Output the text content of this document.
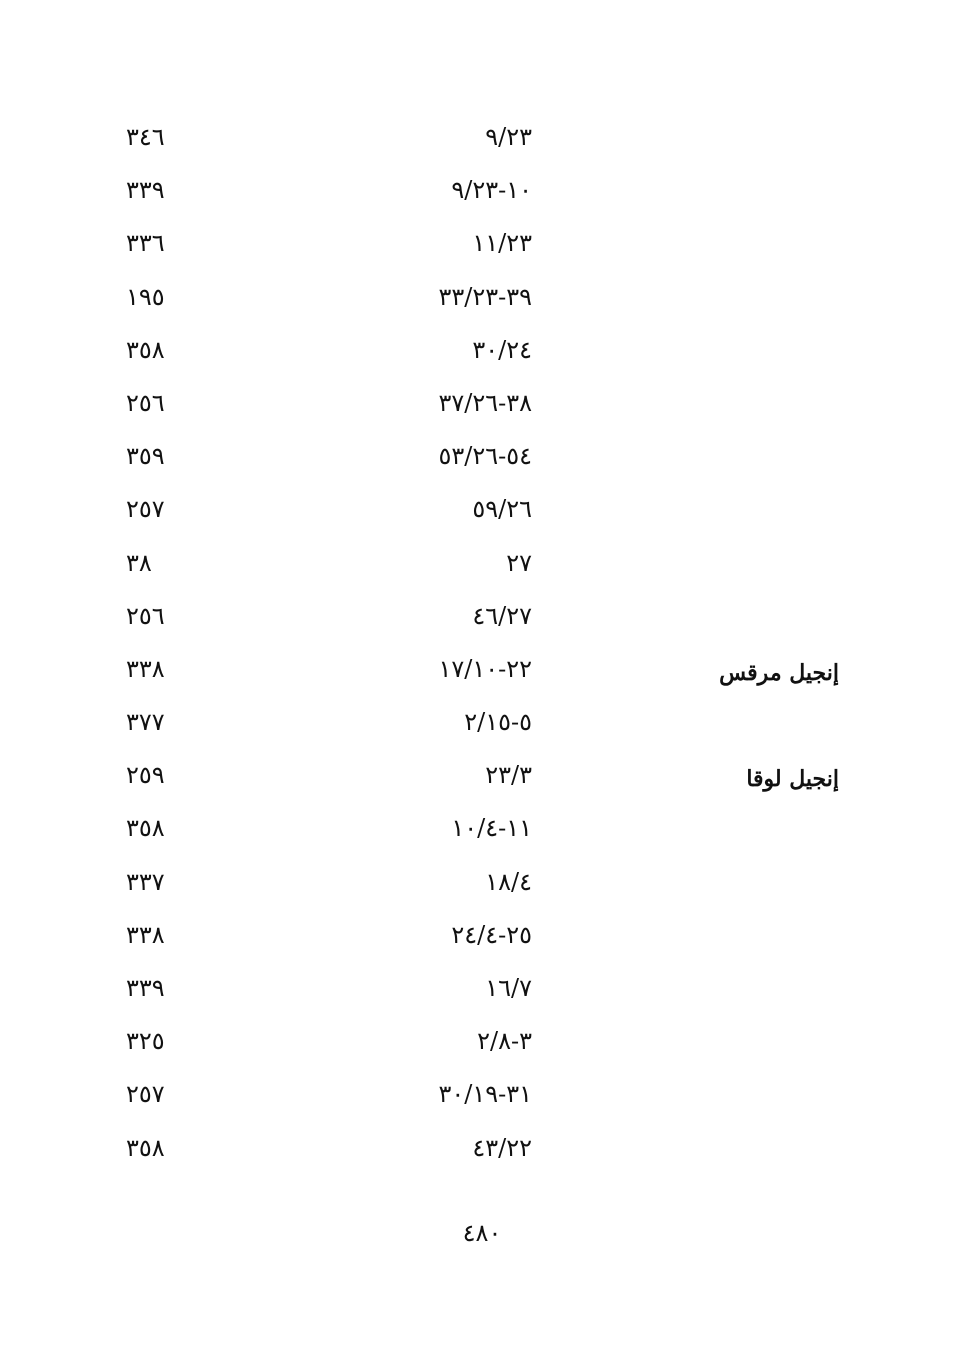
٩/٢٣
٣٤٦
١٠-٩/٢٣
٣٣٩
١١/٢٣
٣٣٦
٣٩-٣٣/٢٣
١٩٥
٣٠/٢٤
٣٥٨
٣٨-٣٧/٢٦
٢٥٦
٥٤-٥٣/٢٦
٣٥٩
٥٩/٢٦
٢٥٧
٢٧
٣٨
٤٦/٢٧
٢٥٦
إنجيل مرقس
٢٢-١٧/١٠
٣٣٨
٥-٢/١٥
٣٧٧
إنجيل لوقا
٢٣/٣
٢٥٩
١١-١٠/٤
٣٥٨
١٨/٤
٣٣٧
٢٥-٢٤/٤
٣٣٨
١٦/٧
٣٣٩
٣-٢/٨
٣٢٥
٣١-٣٠/١٩
٢٥٧
٤٣/٢٢
٣٥٨
٤٨٠
